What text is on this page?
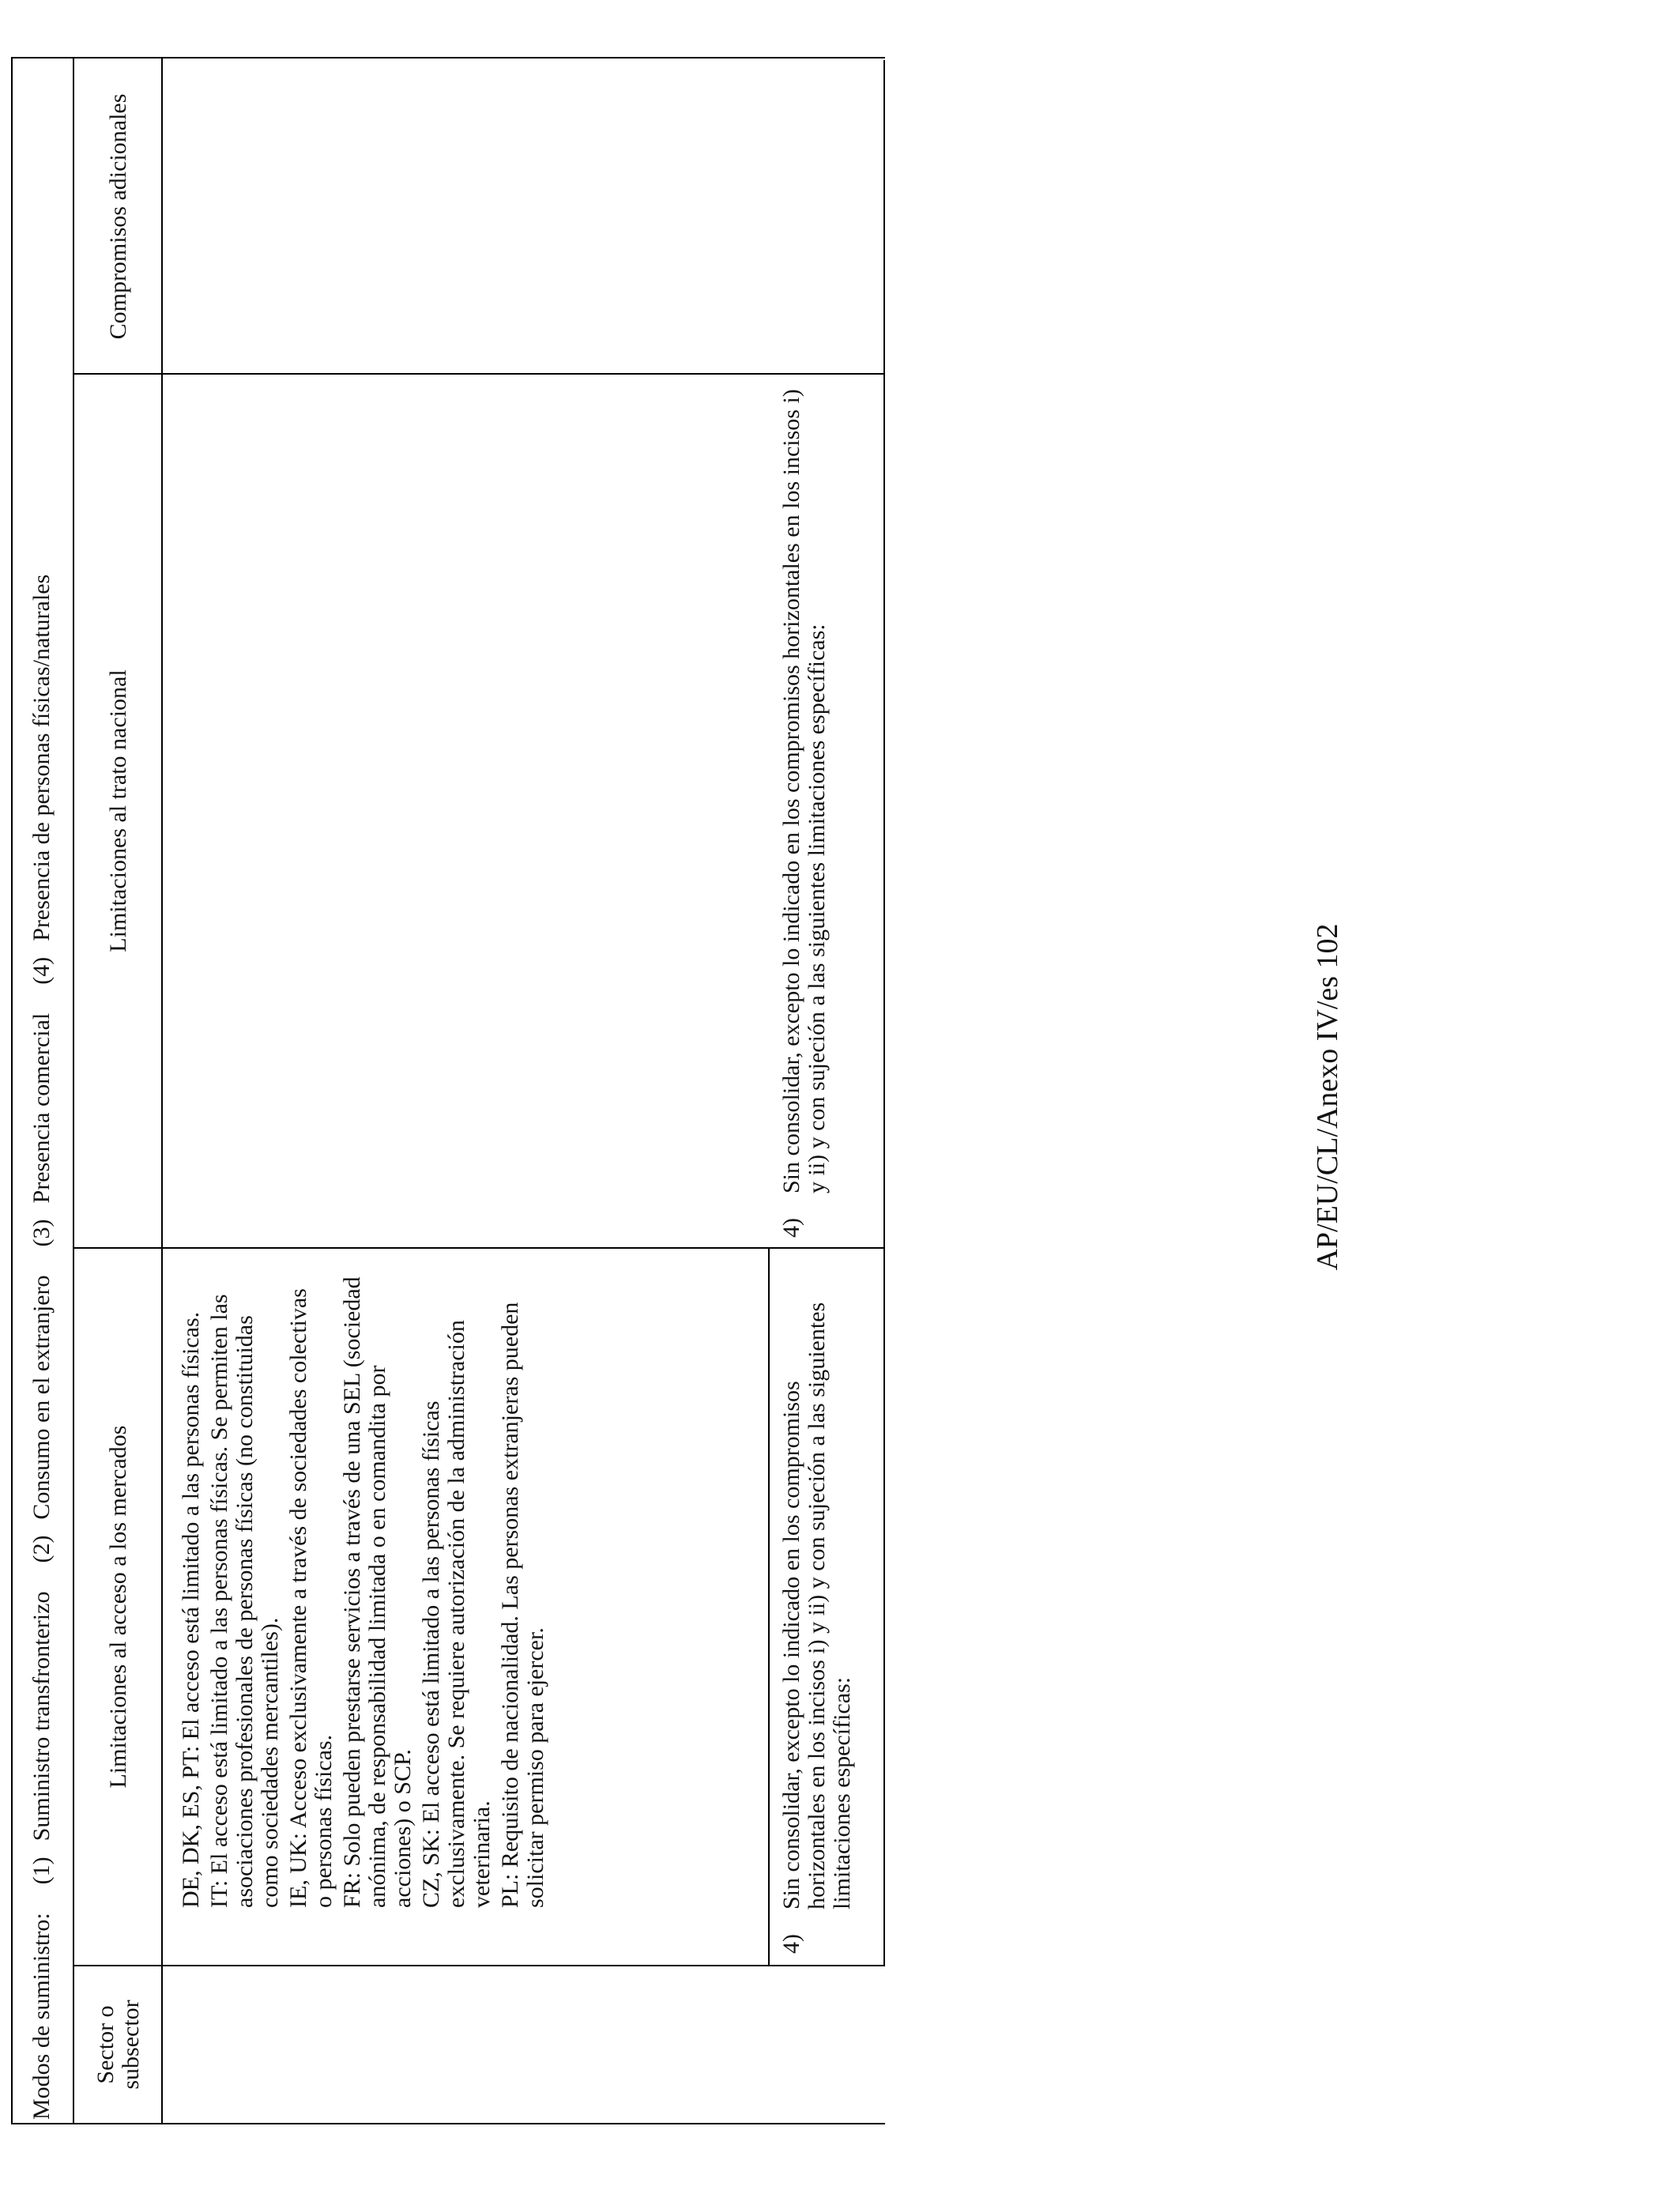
Modos de suministro:
(1)
Suministro transfronterizo
(2)
Consumo en el extranjero
(3)
Presencia comercial
(4)
Presencia de personas físicas/naturales
Sector o subsector
Limitaciones al acceso a los mercados
Limitaciones al trato nacional
Compromisos adicionales

DE, DK, ES, PT: El acceso está limitado a las personas físicas. IT: El acceso está limitado a las personas físicas. Se permiten las asociaciones profesionales de personas físicas (no constituidas como sociedades mercantiles). IE, UK: Acceso exclusivamente a través de sociedades colectivas o personas físicas. FR: Solo pueden prestarse servicios a través de una SEL (sociedad anónima, de responsabilidad limitada o en comandita por acciones) o SCP. CZ, SK: El acceso está limitado a las personas físicas exclusivamente. Se requiere autorización de la administración veterinaria. PL: Requisito de nacionalidad. Las personas extranjeras pueden solicitar permiso para ejercer.

4)
Sin consolidar, excepto lo indicado en los compromisos horizontales en los incisos i) y ii) y con sujeción a las siguientes limitaciones específicas:
4)
Sin consolidar, excepto lo indicado en los compromisos horizontales en los incisos i) y ii) y con sujeción a las siguientes limitaciones específicas:	AP/EU/CL/Anexo IV/es 102
